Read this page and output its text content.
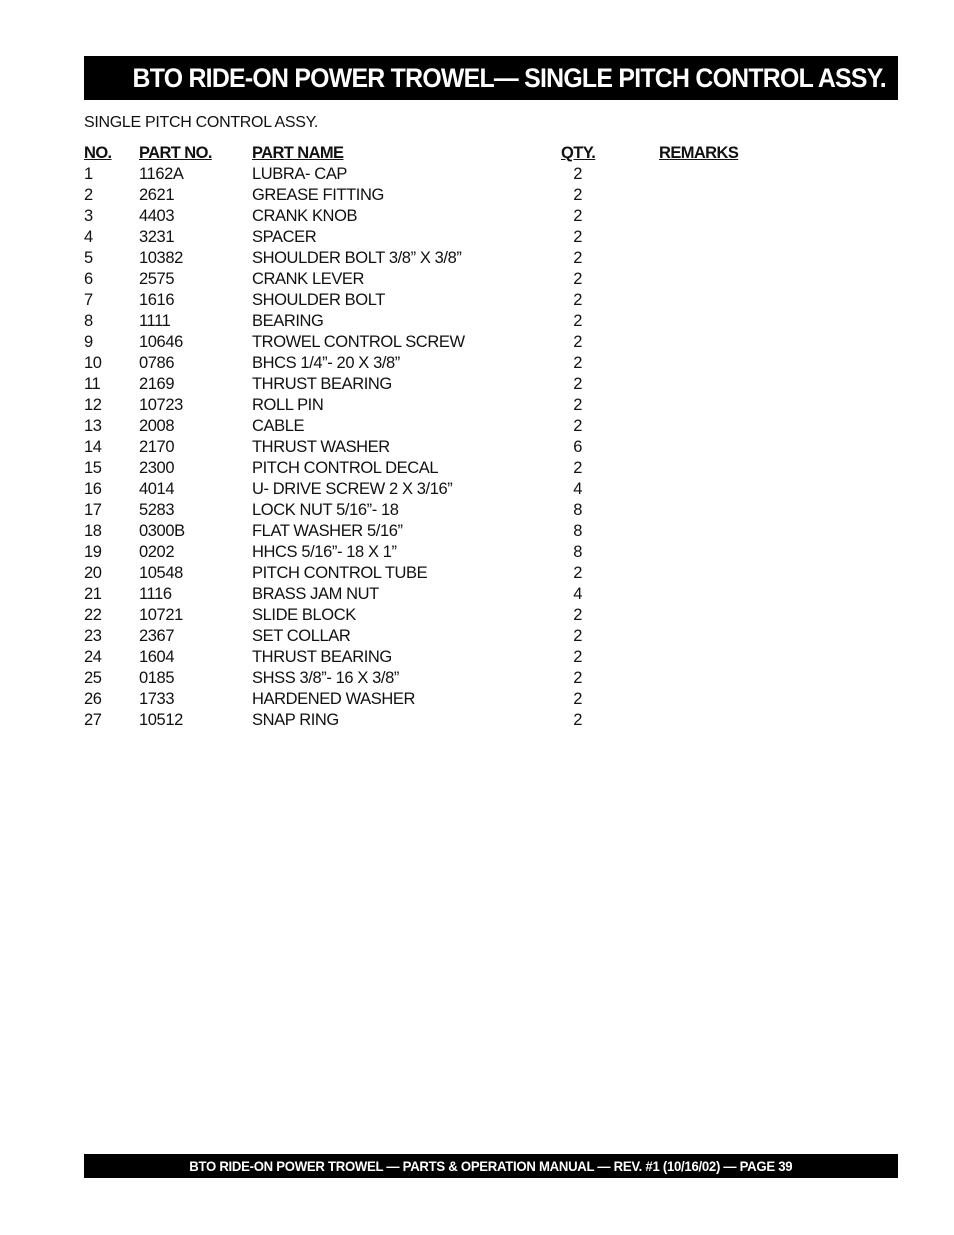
BTO RIDE-ON POWER TROWEL— SINGLE PITCH CONTROL ASSY.
SINGLE PITCH CONTROL ASSY.
NO. PART NO. PART NAME	QTY.	REMARKS
1	1162A	LUBRA- CAP	2
2	2621	GREASE FITTING	2
3	4403	CRANK KNOB	2
4	3231	SPACER	2
5	10382	SHOULDER BOLT 3/8” X 3/8”	2
6	2575	CRANK LEVER	2
7	1616	SHOULDER BOLT	2
8	1111	BEARING	2
9	10646	TROWEL CONTROL SCREW	2
10 0786	BHCS 1/4”- 20 X 3/8”	2
11 2169	THRUST BEARING	2
12 10723	ROLL PIN	2
13 2008	CABLE	2
14 2170	THRUST WASHER	6
15 2300	PITCH CONTROL DECAL	2
16 4014	U- DRIVE SCREW 2 X 3/16”	4
17 5283	LOCK NUT 5/16”- 18	8
18 0300B	FLAT WASHER 5/16”	8
19 0202	HHCS 5/16”- 18 X 1”	8
20 10548	PITCH CONTROL TUBE	2
21 1116	BRASS JAM NUT	4
22 10721	SLIDE BLOCK	2
23 2367	SET COLLAR	2
24 1604	THRUST BEARING	2
25 0185	SHSS 3/8”- 16 X 3/8”	2
26 1733	HARDENED WASHER	2
27 10512	SNAP RING	2
BTO RIDE-ON POWER TROWEL — PARTS & OPERATION MANUAL — REV. #1 (10/16/02) — PAGE 39
